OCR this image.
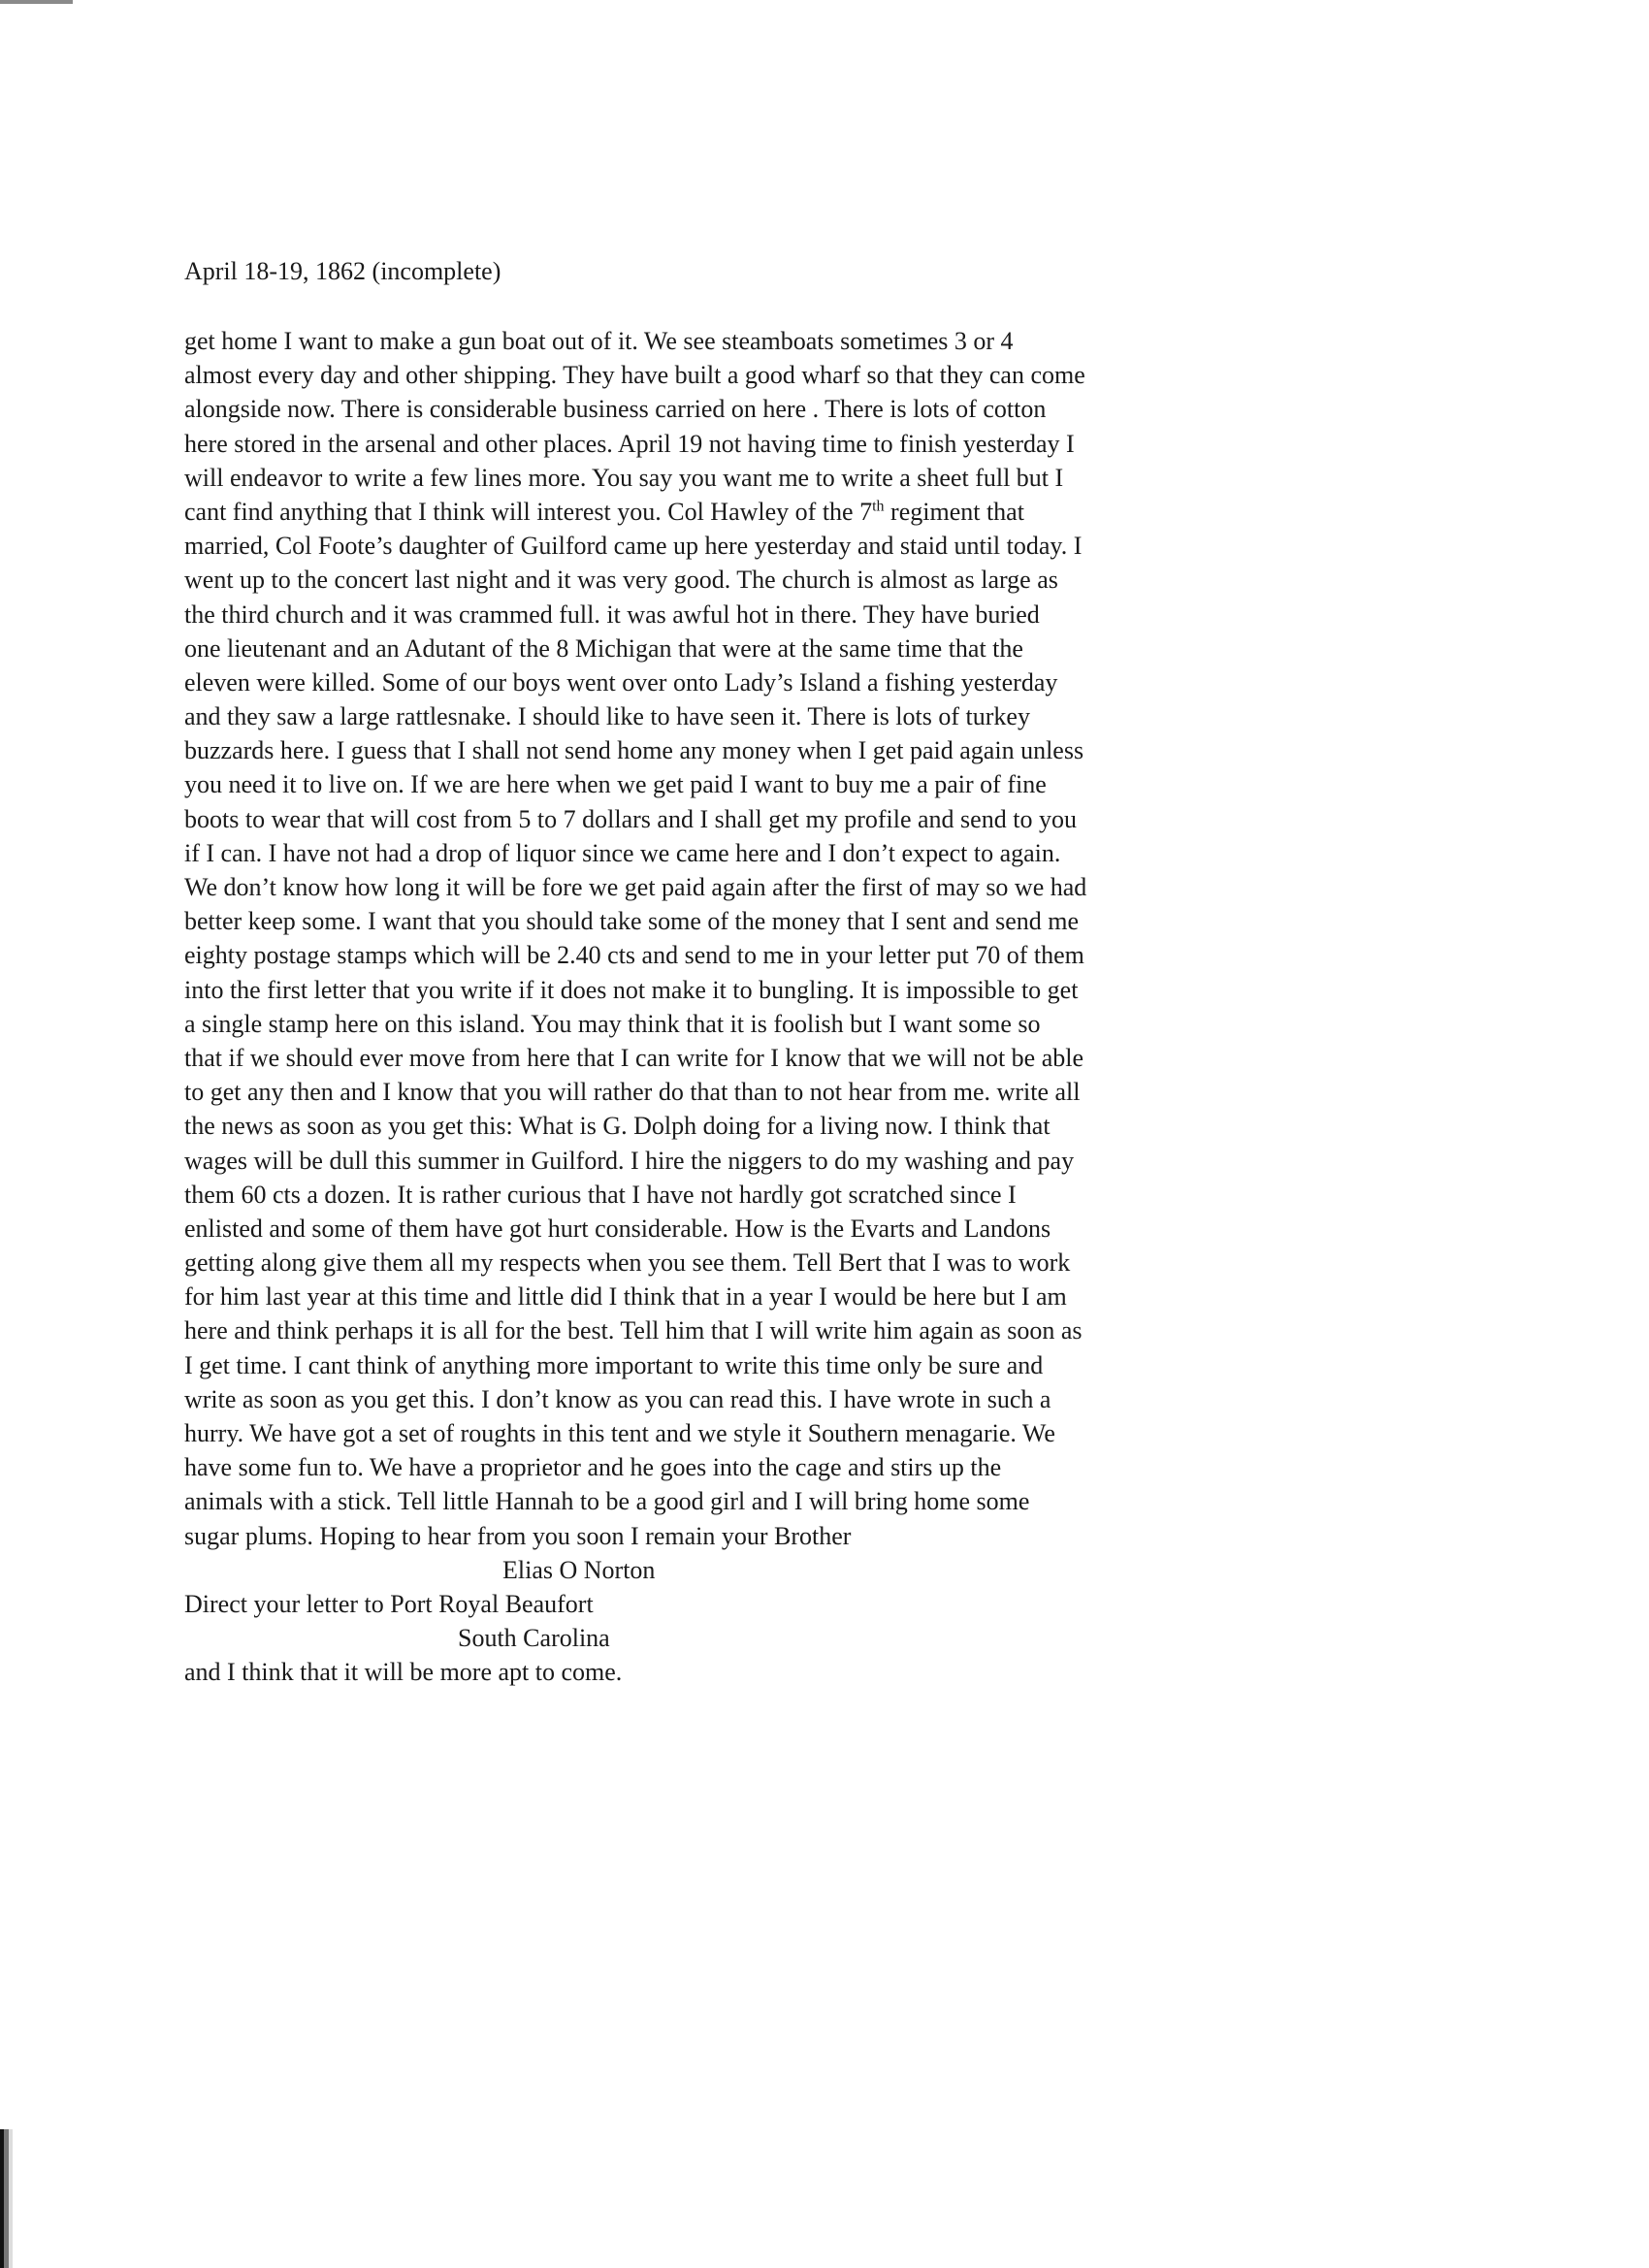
April 18-19, 1862 (incomplete)
get home I want to make a gun boat out of it. We see steamboats sometimes 3 or 4
almost every day and other shipping. They have built a good wharf so that they can come
alongside now. There is considerable business carried on here . There is lots of cotton
here stored in the arsenal and other places. April 19 not having time to finish yesterday I
will endeavor to write a few lines more. You say you want me to write a sheet full but I
cant find anything that I think will interest you. Col Hawley of the 7th regiment that
married, Col Foote’s daughter of Guilford came up here yesterday and staid until today. I
went up to the concert last night and it was very good. The church is almost as large as
the third church and it was crammed full. it was awful hot in there. They have buried
one lieutenant and an Adutant of the 8 Michigan that were at the same time that the
eleven were killed. Some of our boys went over onto Lady’s Island a fishing yesterday
and they saw a large rattlesnake. I should like to have seen it. There is lots of turkey
buzzards here. I guess that I shall not send home any money when I get paid again unless
you need it to live on. If we are here when we get paid I want to buy me a pair of fine
boots to wear that will cost from 5 to 7 dollars and I shall get my profile and send to you
if I can. I have not had a drop of liquor since we came here and I don’t expect to again.
We don’t know how long it will be fore we get paid again after the first of may so we had
better keep some. I want that you should take some of the money that I sent and send me
eighty postage stamps which will be 2.40 cts and send to me in your letter put 70 of them
into the first letter that you write if it does not make it to bungling. It is impossible to get
a single stamp here on this island. You may think that it is foolish but I want some so
that if we should ever move from here that I can write for I know that we will not be able
to get any then and I know that you will rather do that than to not hear from me. write all
the news as soon as you get this: What is G. Dolph doing for a living now. I think that
wages will be dull this summer in Guilford. I hire the niggers to do my washing and pay
them 60 cts a dozen. It is rather curious that I have not hardly got scratched since I
enlisted and some of them have got hurt considerable. How is the Evarts and Landons
getting along give them all my respects when you see them. Tell Bert that I was to work
for him last year at this time and little did I think that in a year I would be here but I am
here and think perhaps it is all for the best. Tell him that I will write him again as soon as
I get time. I cant think of anything more important to write this time only be sure and
write as soon as you get this. I don’t know as you can read this. I have wrote in such a
hurry. We have got a set of roughts in this tent and we style it Southern menagarie. We
have some fun to. We have a proprietor and he goes into the cage and stirs up the
animals with a stick. Tell little Hannah to be a good girl and I will bring home some
sugar plums. Hoping to hear from you soon I remain your Brother
Elias O Norton
Direct your letter to Port Royal Beaufort
South Carolina
and I think that it will be more apt to come.
